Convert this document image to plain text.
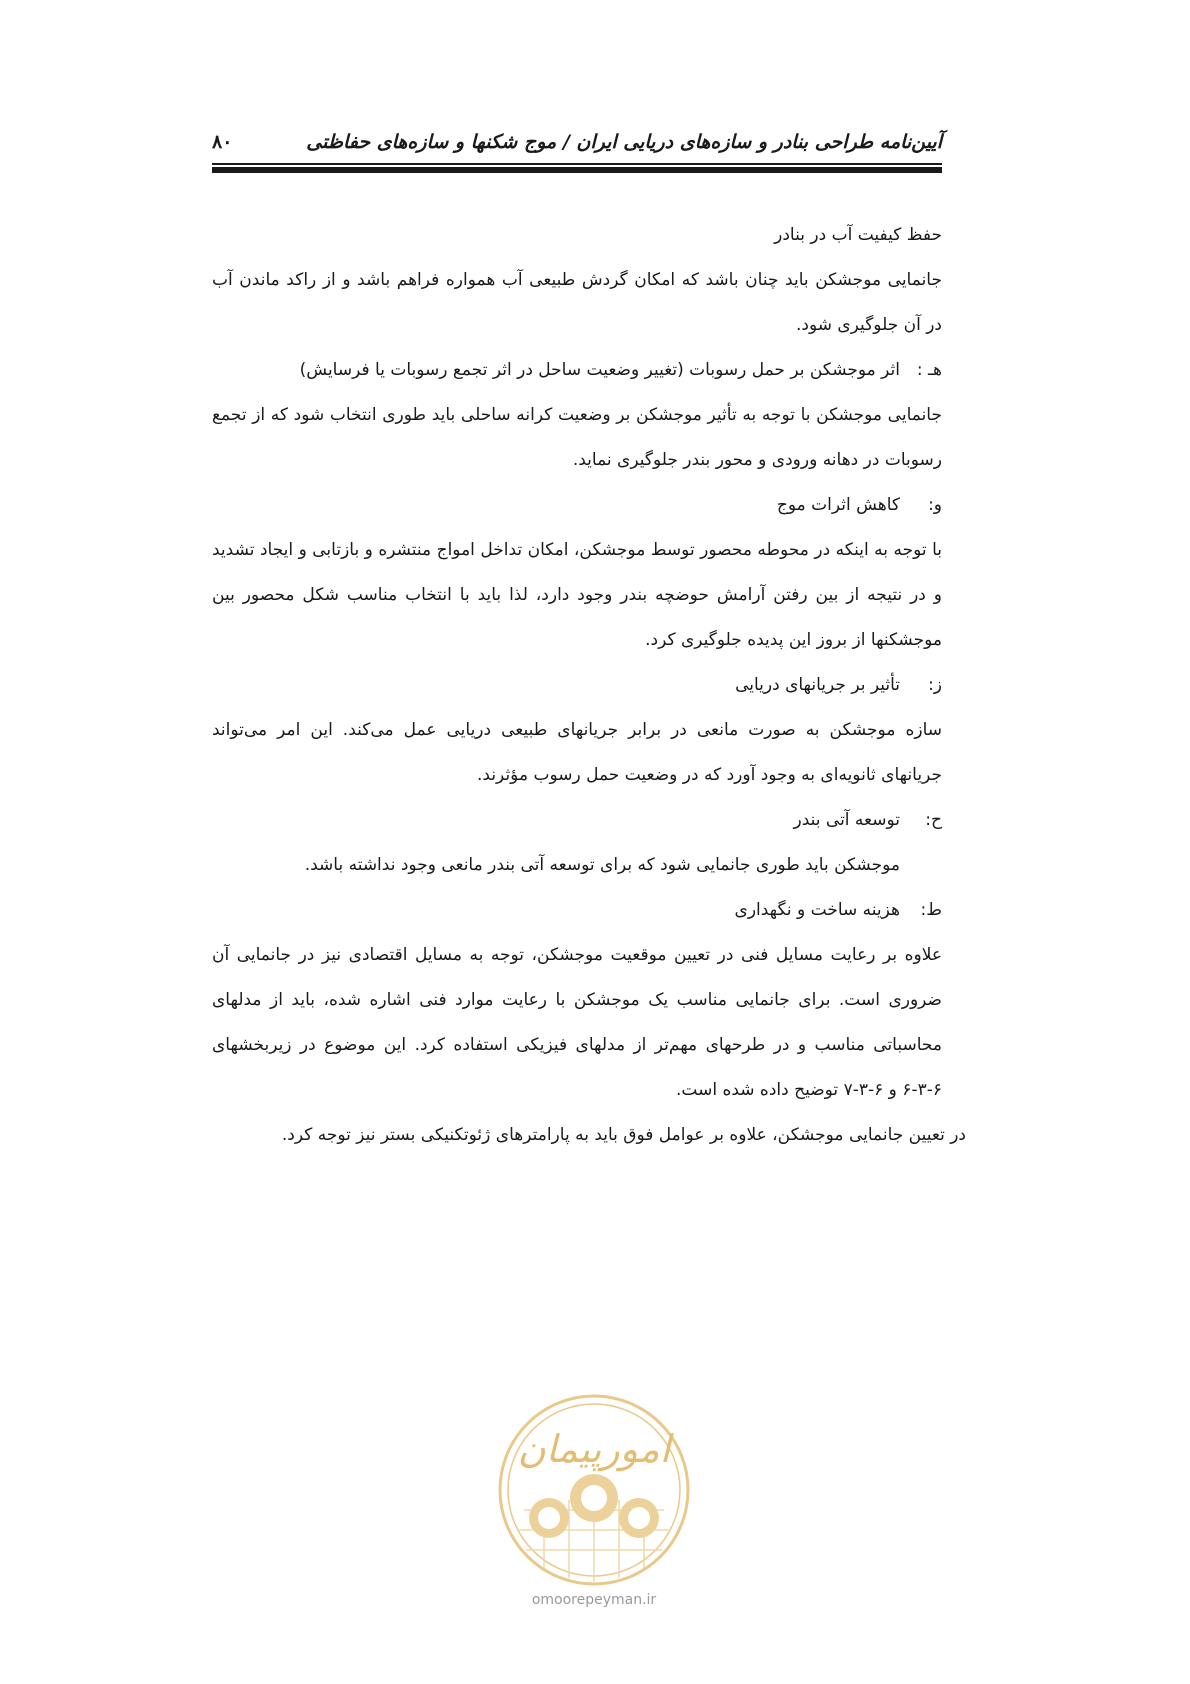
آیین‌نامه طراحی بنادر و سازه‌های دریایی ایران / موج شکنها و سازه‌های حفاظتی
۸۰

حفظ کیفیت آب در بنادر

جانمایی موجشکن باید چنان باشد که امکان گردش طبیعی آب همواره فراهم باشد و از راکد ماندن آب در آن جلوگیری شود.

هـ :
اثر موجشکن بر حمل رسوبات (تغییر وضعیت ساحل در اثر تجمع رسوبات یا فرسایش)

جانمایی موجشکن با توجه به تأثیر موجشکن بر وضعیت کرانه ساحلی باید طوری انتخاب شود که از تجمع رسوبات در دهانه ورودی و محور بندر جلوگیری نماید.

و:
کاهش اثرات موج

با توجه به اینکه در محوطه محصور توسط موجشکن، امکان تداخل امواج منتشره و بازتابی و ایجاد تشدید و در نتیجه از بین رفتن آرامش حوضچه بندر وجود دارد، لذا باید با انتخاب مناسب شکل محصور بین موجشکنها از بروز این پدیده جلوگیری کرد.

ز:
تأثیر بر جریانهای دریایی

سازه موجشکن به صورت مانعی در برابر جریانهای طبیعی دریایی عمل می‌کند. این امر می‌تواند جریانهای ثانویه‌ای به وجود آورد که در وضعیت حمل رسوب مؤثرند.

ح:
توسعه آتی بندر

موجشکن باید طوری جانمایی شود که برای توسعه آتی بندر مانعی وجود نداشته باشد.

ط:
هزینه ساخت و نگهداری

علاوه بر رعایت مسایل فنی در تعیین موقعیت موجشکن، توجه به مسایل اقتصادی نیز در جانمایی آن ضروری است. برای جانمایی مناسب یک موجشکن با رعایت موارد فنی اشاره شده، باید از مدلهای محاسباتی مناسب و در طرحهای مهم‌تر از مدلهای فیزیکی استفاده کرد. این موضوع در زیربخشهای ۶-۳-۶ و ۶-۳-۷ توضیح داده شده است.

در تعیین جانمایی موجشکن، علاوه بر عوامل فوق باید به پارامترهای ژئوتکنیکی بستر نیز توجه کرد.

امورپیمان
omoorepeyman.ir
